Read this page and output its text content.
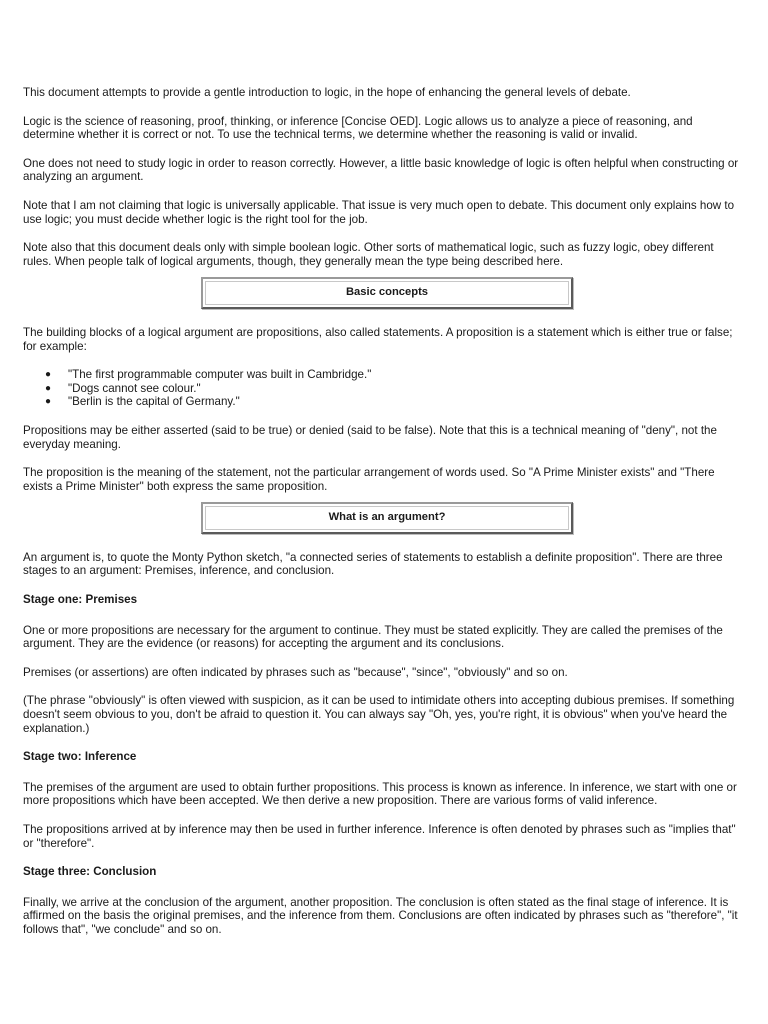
This document attempts to provide a gentle introduction to logic, in the hope of enhancing the general levels of debate.

Logic is the science of reasoning, proof, thinking, or inference [Concise OED]. Logic allows us to analyze a piece of reasoning, and determine whether it is correct or not. To use the technical terms, we determine whether the reasoning is valid or invalid.

One does not need to study logic in order to reason correctly. However, a little basic knowledge of logic is often helpful when constructing or analyzing an argument.

Note that I am not claiming that logic is universally applicable. That issue is very much open to debate. This document only explains how to use logic; you must decide whether logic is the right tool for the job.

Note also that this document deals only with simple boolean logic. Other sorts of mathematical logic, such as fuzzy logic, obey different rules. When people talk of logical arguments, though, they generally mean the type being described here.

Basic concepts

The building blocks of a logical argument are propositions, also called statements. A proposition is a statement which is either true or false; for example:

● "The first programmable computer was built in Cambridge."
● "Dogs cannot see colour."
● "Berlin is the capital of Germany."

Propositions may be either asserted (said to be true) or denied (said to be false). Note that this is a technical meaning of "deny", not the everyday meaning.

The proposition is the meaning of the statement, not the particular arrangement of words used. So "A Prime Minister exists" and "There exists a Prime Minister" both express the same proposition.

What is an argument?

An argument is, to quote the Monty Python sketch, "a connected series of statements to establish a definite proposition". There are three stages to an argument: Premises, inference, and conclusion.

Stage one: Premises

One or more propositions are necessary for the argument to continue. They must be stated explicitly. They are called the premises of the argument. They are the evidence (or reasons) for accepting the argument and its conclusions.

Premises (or assertions) are often indicated by phrases such as "because", "since", "obviously" and so on.

(The phrase "obviously" is often viewed with suspicion, as it can be used to intimidate others into accepting dubious premises. If something doesn't seem obvious to you, don't be afraid to question it. You can always say "Oh, yes, you're right, it is obvious" when you've heard the explanation.)

Stage two: Inference

The premises of the argument are used to obtain further propositions. This process is known as inference. In inference, we start with one or more propositions which have been accepted. We then derive a new proposition. There are various forms of valid inference.

The propositions arrived at by inference may then be used in further inference. Inference is often denoted by phrases such as "implies that" or "therefore".

Stage three: Conclusion

Finally, we arrive at the conclusion of the argument, another proposition. The conclusion is often stated as the final stage of inference. It is affirmed on the basis the original premises, and the inference from them. Conclusions are often indicated by phrases such as "therefore", "it follows that", "we conclude" and so on.
